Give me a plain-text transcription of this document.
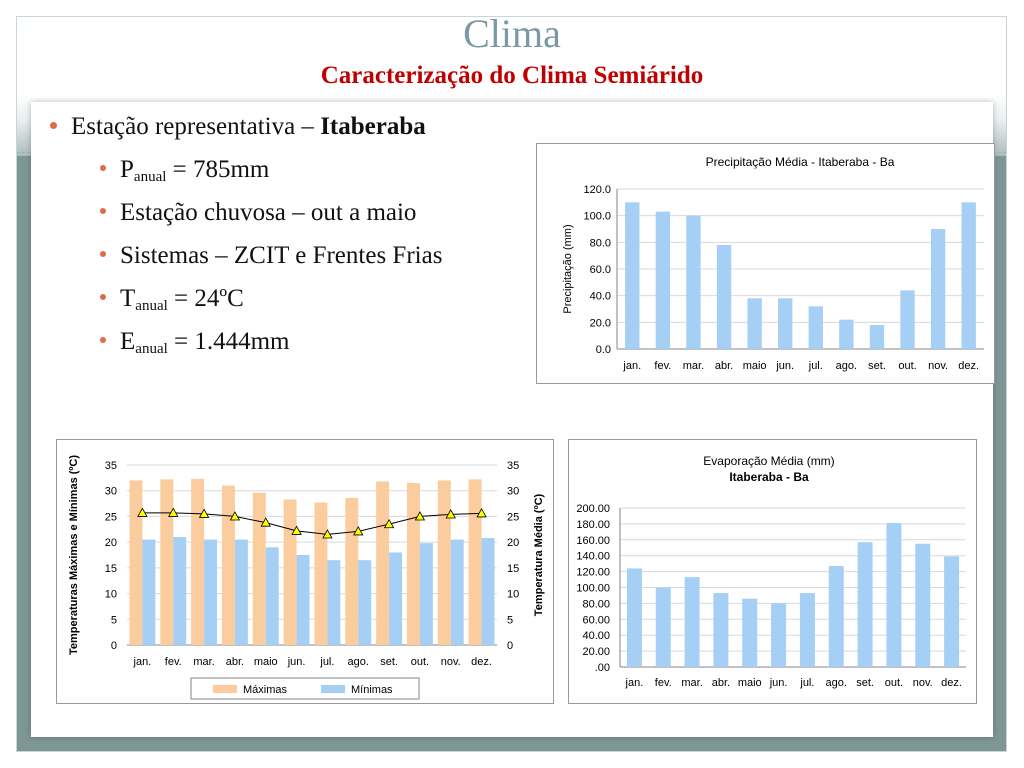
Clima
Caracterização do Clima Semiárido
Estação representativa – Itaberaba
$P_{anual} = 785mm$
Estação chuvosa – out a maio
Sistemas – ZCIT e Frentes Frias
$T_{anual}$ = 24ºC
$E_{anual} = 1.444mm$
Precipitação Média - Itaberaba - Ba
0.0
20.0
40.0
60.0
80.0
100.0
120.0
jan. fev. mar. abr. maio jun. jul. ago. set. out. nov. dez.
Precipitação (mm)
0	0
5	5
10	10
15	15
20	20
25	25
30	30
35	35
jan. fev. mar. abr. maio jun. jul. ago. set. out. nov. dez.
Temperaturas Máximas e Mínimas (ºC)	Temperatura Média (ºC)
Máximas	Mínimas
Evaporação Média (mm)
Itaberaba - Ba
.00
20.00
40.00
60.00
80.00
100.00
120.00
140.00
160.00
180.00
200.00
jan. fev. mar. abr. maio jun. jul. ago. set. out. nov. dez.
